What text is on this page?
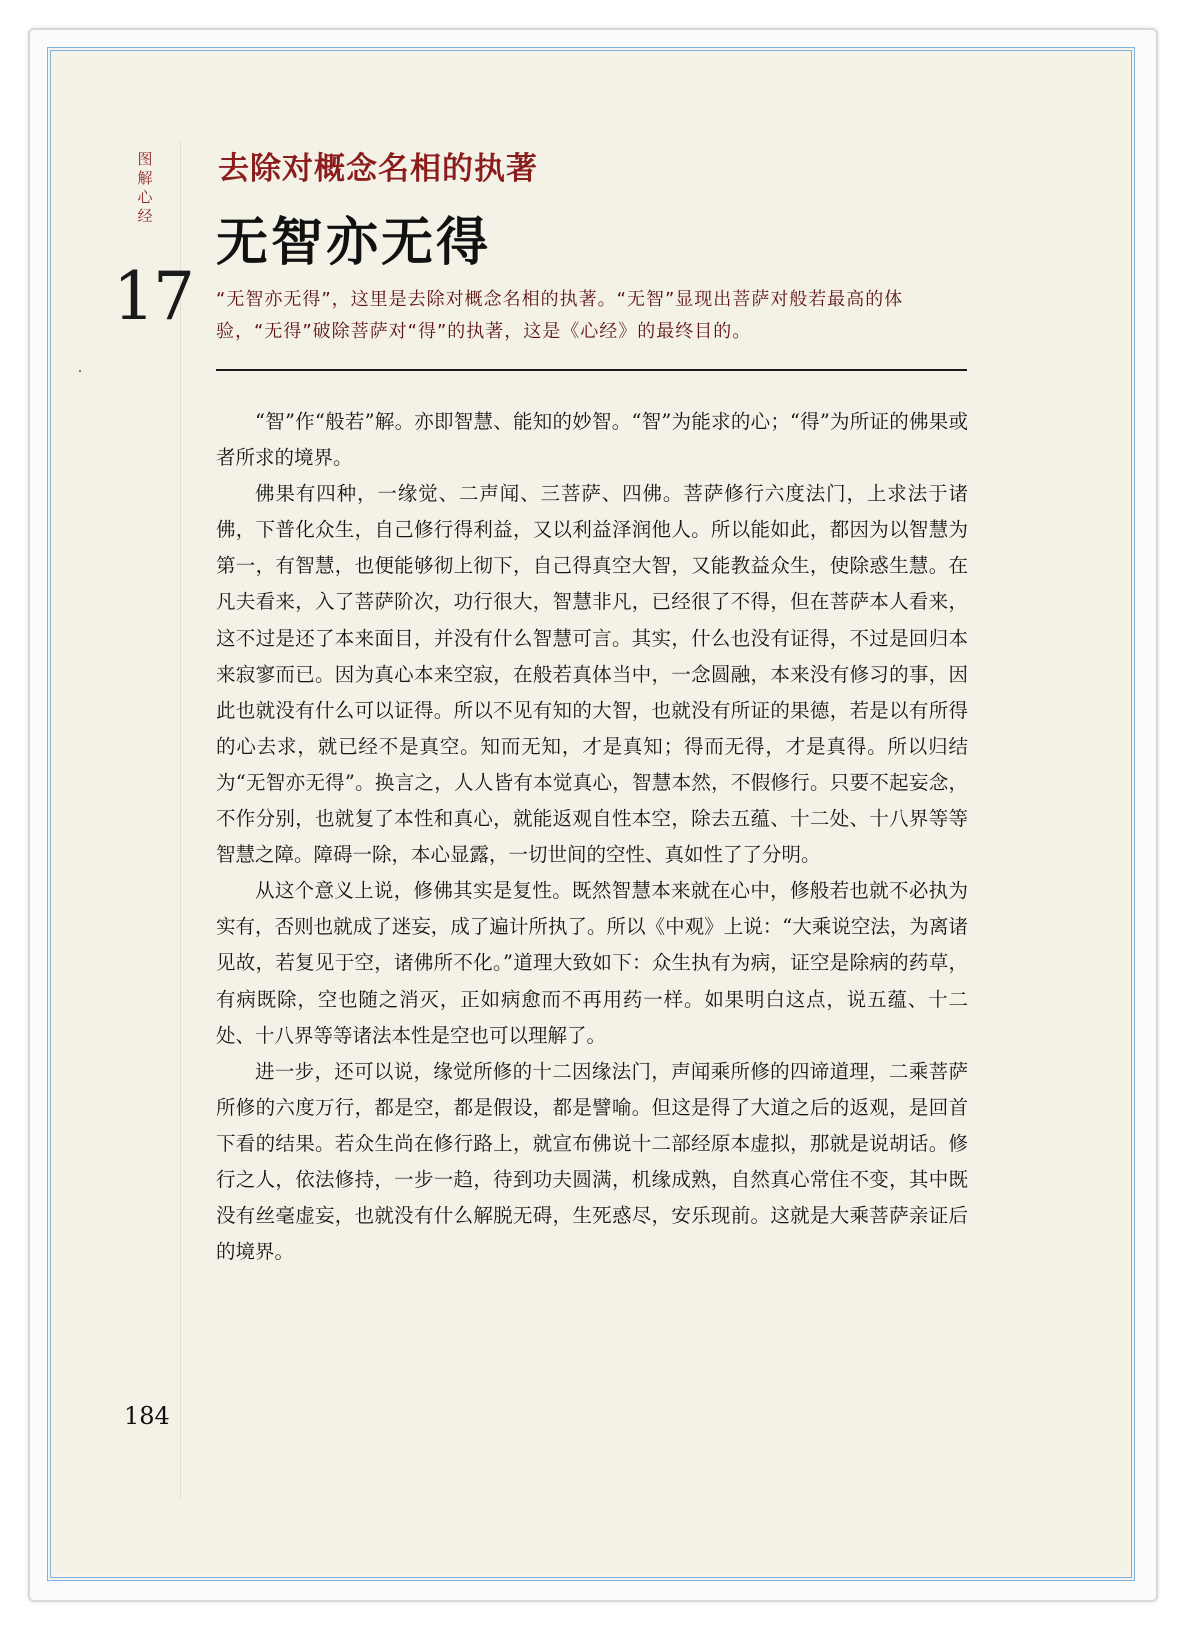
图解心经
17
去除对概念名相的执著
无智亦无得
“无智亦无得”，这里是去除对概念名相的执著。“无智”显现出菩萨对般若最高的体验，“无得”破除菩萨对“得”的执著，这是《心经》的最终目的。

“智”作“般若”解。亦即智慧、能知的妙智。“智”为能求的心；“得”为所证的佛果或者所求的境界。

佛果有四种，一缘觉、二声闻、三菩萨、四佛。菩萨修行六度法门，上求法于诸佛，下普化众生，自己修行得利益，又以利益泽润他人。所以能如此，都因为以智慧为第一，有智慧，也便能够彻上彻下，自己得真空大智，又能教益众生，使除惑生慧。在凡夫看来，入了菩萨阶次，功行很大，智慧非凡，已经很了不得，但在菩萨本人看来，这不过是还了本来面目，并没有什么智慧可言。其实，什么也没有证得，不过是回归本来寂寥而已。因为真心本来空寂，在般若真体当中，一念圆融，本来没有修习的事，因此也就没有什么可以证得。所以不见有知的大智，也就没有所证的果德，若是以有所得的心去求，就已经不是真空。知而无知，才是真知；得而无得，才是真得。所以归结为“无智亦无得”。换言之，人人皆有本觉真心，智慧本然，不假修行。只要不起妄念，不作分别，也就复了本性和真心，就能返观自性本空，除去五蕴、十二处、十八界等等智慧之障。障碍一除，本心显露，一切世间的空性、真如性了了分明。

从这个意义上说，修佛其实是复性。既然智慧本来就在心中，修般若也就不必执为实有，否则也就成了迷妄，成了遍计所执了。所以《中观》上说：“大乘说空法，为离诸见故，若复见于空，诸佛所不化。”道理大致如下：众生执有为病，证空是除病的药草，有病既除，空也随之消灭，正如病愈而不再用药一样。如果明白这点，说五蕴、十二处、十八界等等诸法本性是空也可以理解了。

进一步，还可以说，缘觉所修的十二因缘法门，声闻乘所修的四谛道理，二乘菩萨所修的六度万行，都是空，都是假设，都是譬喻。但这是得了大道之后的返观，是回首下看的结果。若众生尚在修行路上，就宣布佛说十二部经原本虚拟，那就是说胡话。修行之人，依法修持，一步一趋，待到功夫圆满，机缘成熟，自然真心常住不变，其中既没有丝毫虚妄，也就没有什么解脱无碍，生死惑尽，安乐现前。这就是大乘菩萨亲证后的境界。

184
